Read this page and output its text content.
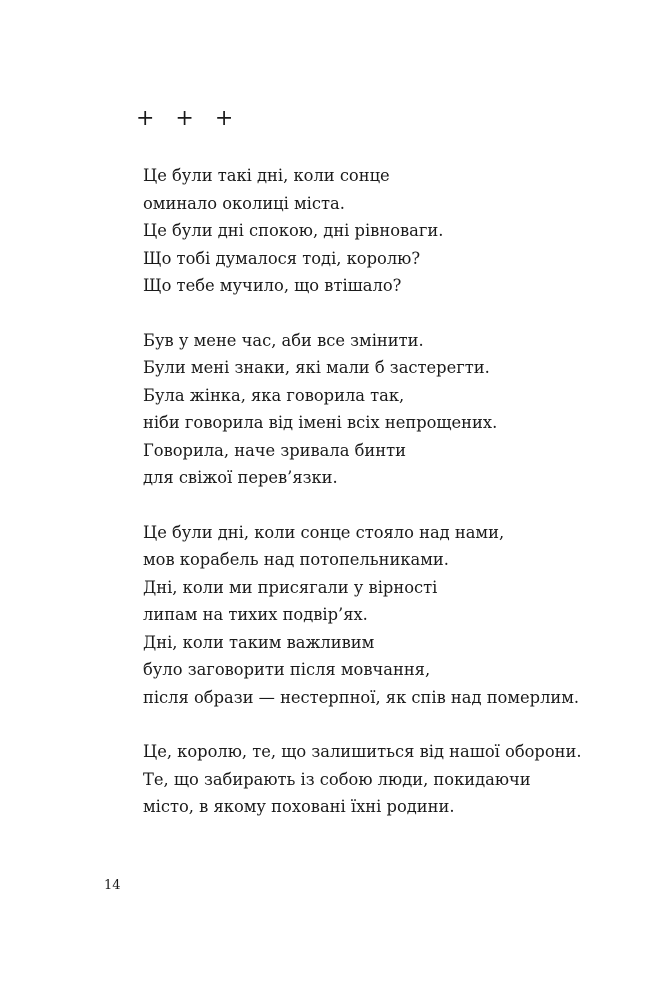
+ + +
Це були такі дні, коли сонце
оминало околиці міста.
Це були дні спокою, дні рівноваги.
Що тобі думалося тоді, королю?
Що тебе мучило, що втішало?
Був у мене час, аби все змінити.
Були мені знаки, які мали б застерегти.
Була жінка, яка говорила так,
ніби говорила від імені всіх непрощених.
Говорила, наче зривала бинти
для свіжої перев’язки.
Це були дні, коли сонце стояло над нами,
мов корабель над потопельниками.
Дні, коли ми присягали у вірності
липам на тихих подвір’ях.
Дні, коли таким важливим
було заговорити після мовчання,
після образи — нестерпної, як спів над померлим.
Це, королю, те, що залишиться від нашої оборони.
Те, що забирають із собою люди, покидаючи
місто, в якому поховані їхні родини.
14
